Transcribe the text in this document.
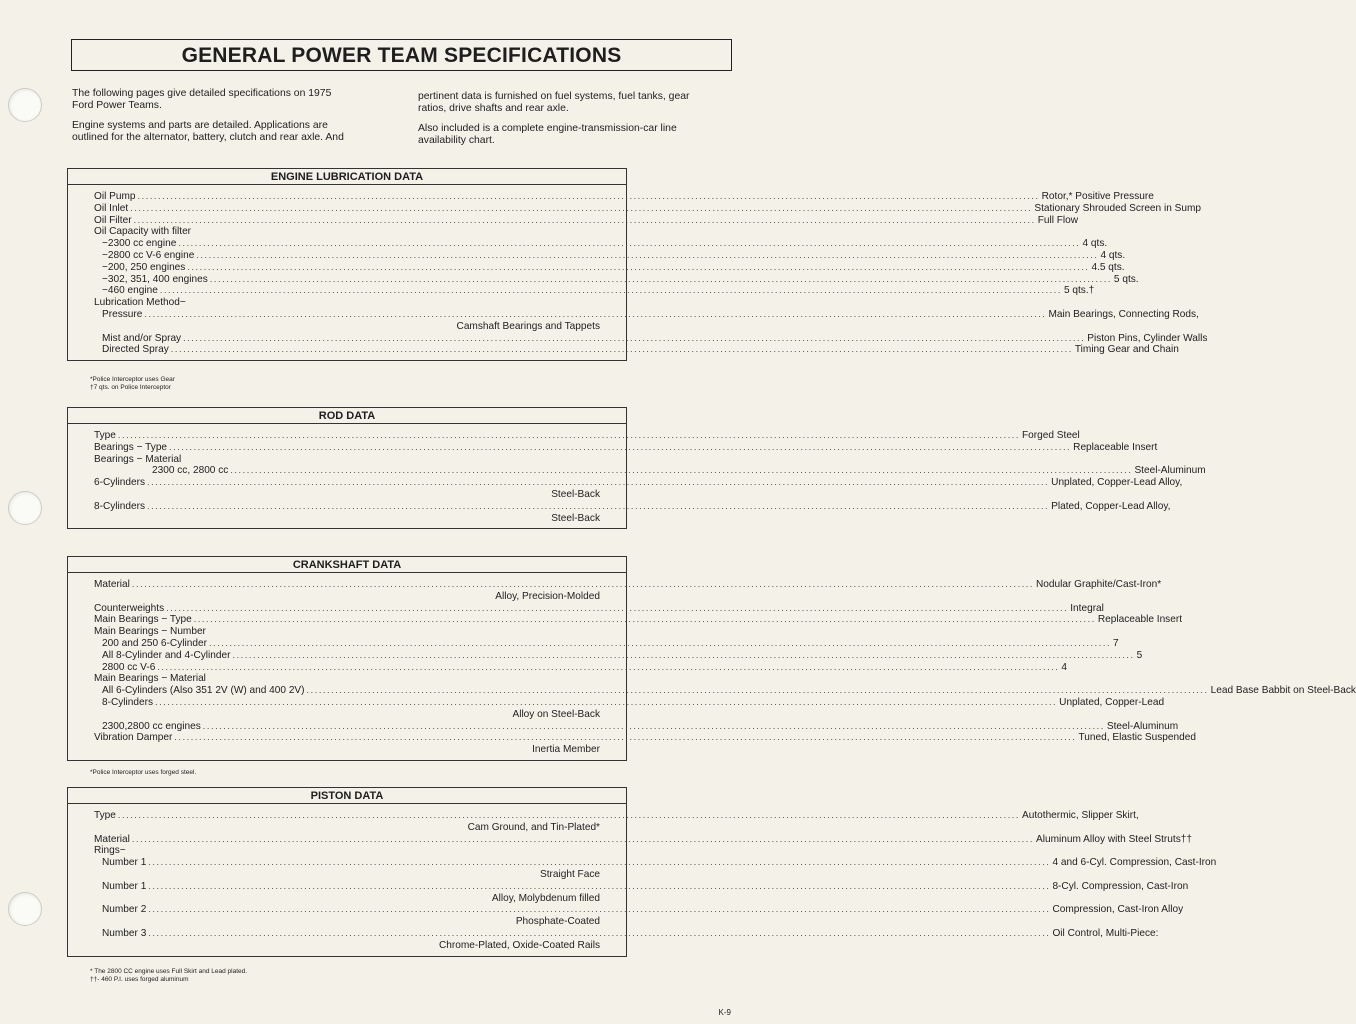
GENERAL POWER TEAM SPECIFICATIONS

The following pages give detailed specifications on 1975
Ford Power Teams.

Engine systems and parts are detailed. Applications are
outlined for the alternator, battery, clutch and rear axle. And

pertinent data is furnished on fuel systems, fuel tanks, gear
ratios, drive shafts and rear axle.

Also included is a complete engine-transmission-car line
availability chart.

ENGINE LUBRICATION DATA
Oil Pump ............................................................................................................................................................................................................................ Rotor,* Positive Pressure
Oil Inlet ............................................................................................................................................................................................................................ Stationary Shrouded Screen in Sump
Oil Filter ............................................................................................................................................................................................................................ Full Flow
Oil Capacity with filter
−2300 cc engine ............................................................................................................................................................................................................................ 4 qts.
−2800 cc V-6 engine ............................................................................................................................................................................................................................ 4 qts.
−200, 250 engines ............................................................................................................................................................................................................................ 4.5 qts.
−302, 351, 400 engines ............................................................................................................................................................................................................................ 5 qts.
−460 engine ............................................................................................................................................................................................................................ 5 qts.†
Lubrication Method−
Pressure ............................................................................................................................................................................................................................ Main Bearings, Connecting Rods,
Camshaft Bearings and Tappets
Mist and/or Spray ............................................................................................................................................................................................................................ Piston Pins, Cylinder Walls
Directed Spray ............................................................................................................................................................................................................................ Timing Gear and Chain
*Police Interceptor uses Gear
†7 qts. on Police Interceptor
ROD DATA
Type ............................................................................................................................................................................................................................ Forged Steel
Bearings − Type ............................................................................................................................................................................................................................ Replaceable Insert
Bearings − Material
2300 cc, 2800 cc ............................................................................................................................................................................................................................ Steel-Aluminum
6-Cylinders ............................................................................................................................................................................................................................ Unplated, Copper-Lead Alloy,
Steel-Back
8-Cylinders ............................................................................................................................................................................................................................ Plated, Copper-Lead Alloy,
Steel-Back
CRANKSHAFT DATA
Material ............................................................................................................................................................................................................................ Nodular Graphite/Cast-Iron*
Alloy, Precision-Molded
Counterweights ............................................................................................................................................................................................................................ Integral
Main Bearings − Type ............................................................................................................................................................................................................................ Replaceable Insert
Main Bearings − Number
200 and 250 6-Cylinder ............................................................................................................................................................................................................................ 7
All 8-Cylinder and 4-Cylinder ............................................................................................................................................................................................................................ 5
2800 cc V-6 ............................................................................................................................................................................................................................ 4
Main Bearings − Material
All 6-Cylinders (Also 351 2V (W) and 400 2V) ............................................................................................................................................................................................................................ Lead Base Babbit on Steel-Back
8-Cylinders ............................................................................................................................................................................................................................ Unplated, Copper-Lead
Alloy on Steel-Back
2300,2800 cc engines ............................................................................................................................................................................................................................ Steel-Aluminum
Vibration Damper ............................................................................................................................................................................................................................ Tuned, Elastic Suspended
Inertia Member
*Police Interceptor uses forged steel.
PISTON DATA
Type ............................................................................................................................................................................................................................ Autothermic, Slipper Skirt,
Cam Ground, and Tin-Plated*
Material ............................................................................................................................................................................................................................ Aluminum Alloy with Steel Struts††
Rings−
Number 1 ............................................................................................................................................................................................................................ 4 and 6-Cyl. Compression, Cast-Iron
Straight Face
Number 1 ............................................................................................................................................................................................................................ 8-Cyl. Compression, Cast-Iron
Alloy, Molybdenum filled
Number 2 ............................................................................................................................................................................................................................ Compression, Cast-Iron Alloy
Phosphate-Coated
Number 3 ............................................................................................................................................................................................................................ Oil Control, Multi-Piece:
Chrome-Plated, Oxide-Coated Rails
* The 2800 CC engine uses Full Skirt and Lead plated.
††- 460 P.I. uses forged aluminum
K-9
